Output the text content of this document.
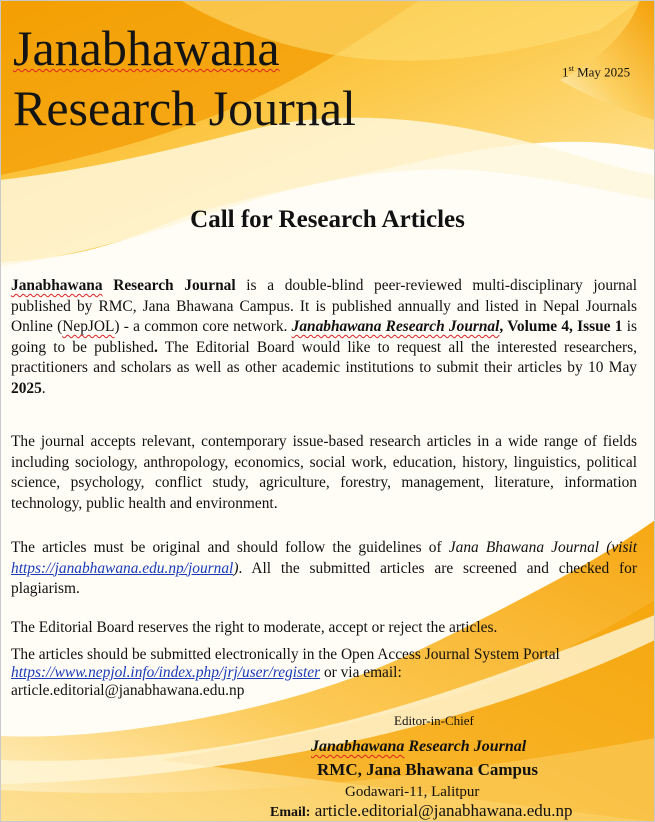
Janabhawana
Research Journal
1st May 2025
Call for Research Articles

Janabhawana Research Journal is a double-blind peer-reviewed multi-disciplinary journal published by RMC, Jana Bhawana Campus. It is published annually and listed in Nepal Journals Online (NepJOL) - a common core network. Janabhawana Research Journal, Volume 4, Issue 1 is going to be published. The Editorial Board would like to request all the interested researchers, practitioners and scholars as well as other academic institutions to submit their articles by 10 May 2025.

The journal accepts relevant, contemporary issue-based research articles in a wide range of fields including sociology, anthropology, economics, social work, education, history, linguistics, political science, psychology, conflict study, agriculture, forestry, management, literature, information technology, public health and environment.

The articles must be original and should follow the guidelines of Jana Bhawana Journal (visit https://janabhawana.edu.np/journal). All the submitted articles are screened and checked for plagiarism.

The Editorial Board reserves the right to moderate, accept or reject the articles.

The articles should be submitted electronically in the Open Access Journal System Portal
https://www.nepjol.info/index.php/jrj/user/register or via email:
article.editorial@janabhawana.edu.np

Editor-in-Chief
Janabhawana Research Journal
RMC, Jana Bhawana Campus
Godawari-11, Lalitpur
Email: article.editorial@janabhawana.edu.np
